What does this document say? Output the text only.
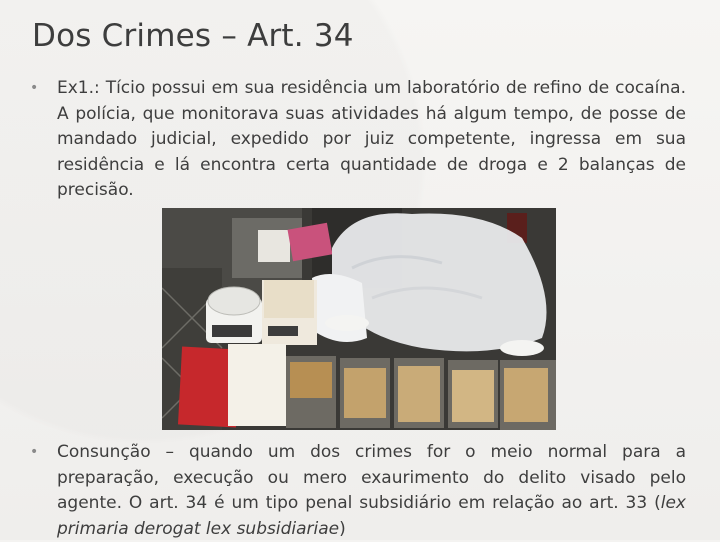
Dos Crimes – Art. 34
• Ex1.: Tício possui em sua residência um laboratório de refino de cocaína. A polícia, que monitorava suas atividades há algum tempo, de posse de mandado judicial, expedido por juiz competente, ingressa em sua residência e lá encontra certa quantidade de droga e 2 balanças de precisão.
• Consunção – quando um dos crimes for o meio normal para a preparação, execução ou mero exaurimento do delito visado pelo agente. O art. 34 é um tipo penal subsidiário em relação ao art. 33 (lex primaria derogat lex subsidiariae)
